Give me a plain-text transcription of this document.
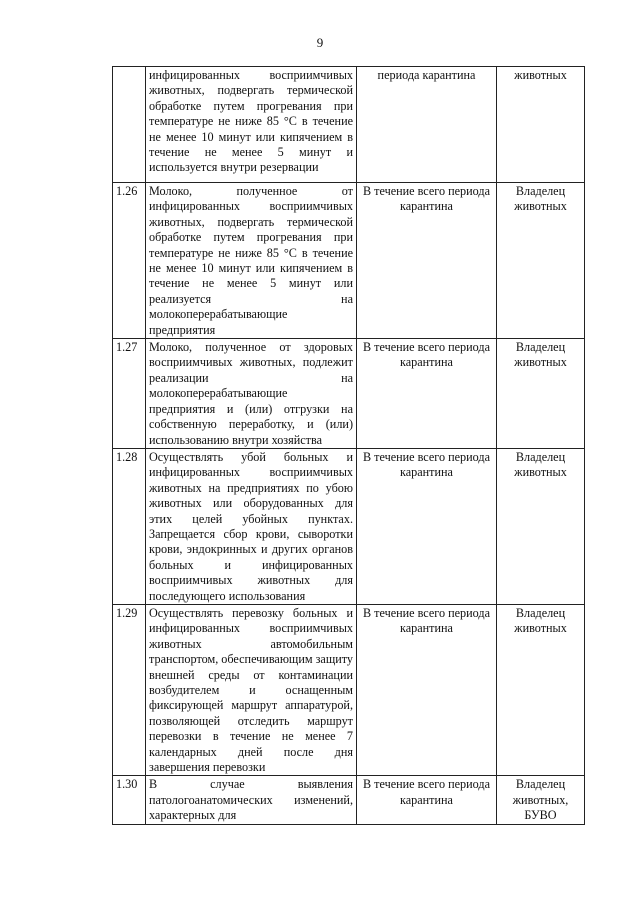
9
	инфицированных восприимчивых животных, подвергать термической обработке путем прогревания при температуре не ниже 85 °С в течение не менее 10 минут или кипячением в течение не менее 5 минут и используется внутри резервации	периода карантина	животных
1.26	Молоко, полученное от инфицированных восприимчивых животных, подвергать термической обработке путем прогревания при температуре не ниже 85 °С в течение не менее 10 минут или кипячением в течение не менее 5 минут или реализуется на молокоперерабатывающие предприятия	В течение всего периода карантина	Владелец животных
1.27	Молоко, полученное от здоровых восприимчивых животных, подлежит реализации на молокоперерабатывающие предприятия и (или) отгрузки на собственную переработку, и (или) использованию внутри хозяйства	В течение всего периода карантина	Владелец животных
1.28	Осуществлять убой больных и инфицированных восприимчивых животных на предприятиях по убою животных или оборудованных для этих целей убойных пунктах. Запрещается сбор крови, сыворотки крови, эндокринных и других органов больных и инфицированных восприимчивых животных для последующего использования	В течение всего периода карантина	Владелец животных
1.29	Осуществлять перевозку больных и инфицированных восприимчивых животных автомобильным транспортом, обеспечивающим защиту внешней среды от контаминации возбудителем и оснащенным фиксирующей маршрут аппаратурой, позволяющей отследить маршрут перевозки в течение не менее 7 календарных дней после дня завершения перевозки	В течение всего периода карантина	Владелец животных
1.30	В случае выявления патологоанатомических изменений, характерных для	В течение всего периода карантина	Владелец животных, БУВО
